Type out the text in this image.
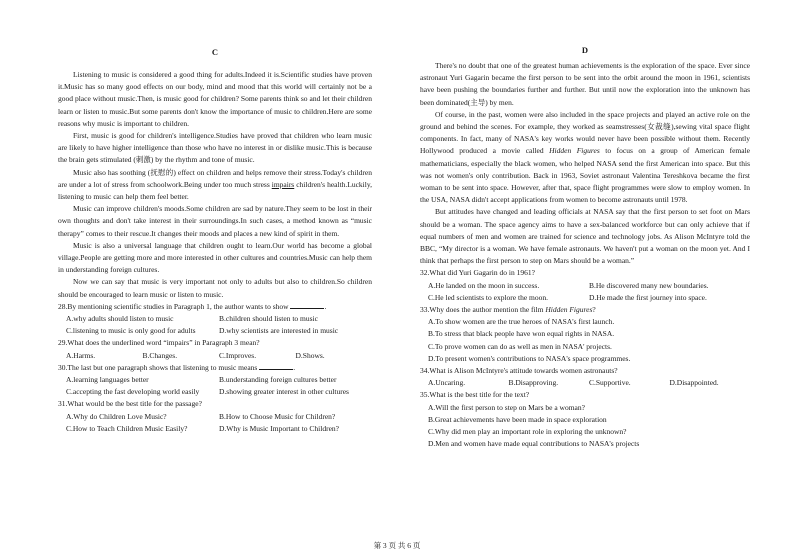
C

Listening to music is considered a good thing for adults.Indeed it is.Scientific studies have proven it.Music has so many good effects on our body, mind and mood that this world will certainly not be a good place without music.Then, is music good for children? Some parents think so and let their children learn or listen to music.But some parents don't know the importance of music to children.Here are some reasons why music is important to children.

First, music is good for children's intelligence.Studies have proved that children who learn music are likely to have higher intelligence than those who have no interest in or dislike music.This is because the brain gets stimulated (刺激) by the rhythm and tone of music.

Music also has soothing (抚慰的) effect on children and helps remove their stress.Today's children are under a lot of stress from schoolwork.Being under too much stress impairs children's health.Luckily, listening to music can help them feel better.

Music can improve children's moods.Some children are sad by nature.They seem to be lost in their own thoughts and don't take interest in their surroundings.In such cases, a method known as “music therapy” comes to their rescue.It changes their moods and places a new kind of spirit in them.

Music is also a universal language that children ought to learn.Our world has become a global village.People are getting more and more interested in other cultures and countries.Music can help them in understanding foreign cultures.

Now we can say that music is very important not only to adults but also to children.So children should be encouraged to learn music or listen to music.

28.By mentioning scientific studies in Paragraph 1, the author wants to show	.

A.why adults should listen to music	B.children should listen to music
C.listening to music is only good for adults	D.why scientists are interested in music

29.What does the underlined word “impairs” in Paragraph 3 mean?

A.Harms.	B.Changes.	C.Improves.	D.Shows.

30.The last but one paragraph shows that listening to music means	.

A.learning languages better	B.understanding foreign cultures better
C.accepting the fast developing world easily	D.showing greater interest in other cultures

31.What would be the best title for the passage?

A.Why do Children Love Music?	B.How to Choose Music for Children?
C.How to Teach Children Music Easily?	D.Why is Music Important to Children?
D

There's no doubt that one of the greatest human achievements is the exploration of the space. Ever since astronaut Yuri Gagarin became the first person to be sent into the orbit around the moon in 1961, scientists have been pushing the boundaries further and further. But until now the exploration into the unknown has been dominated(主导) by men.

Of course, in the past, women were also included in the space projects and played an active role on the ground and behind the scenes. For example, they worked as seamstresses(女裁缝),sewing vital space flight components. In fact, many of NASA's key works would never have been possible without them. Recently Hollywood produced a movie called Hidden Figures to focus on a group of American female mathematicians, especially the black women, who helped NASA send the first American into space. But this was not women's only contribution. Back in 1963, Soviet astronaut Valentina Tereshkova became the first woman to be sent into space. However, after that, space flight programmes were slow to employ women. In the USA, NASA didn't accept applications from women to become astronauts until 1978.

But attitudes have changed and leading officials at NASA say that the first person to set foot on Mars should be a woman. The space agency aims to have a sex-balanced workforce but can only achieve that if equal numbers of men and women are trained for science and technology jobs. As Alison McIntyre told the BBC, “My director is a woman. We have female astronauts. We haven't put a woman on the moon yet. And I think that perhaps the first person to step on Mars should be a woman.”

32.What did Yuri Gagarin do in 1961?

A.He landed on the moon in success.	B.He discovered many new boundaries.
C.He led scientists to explore the moon.	D.He made the first journey into space.

33.Why does the author mention the film Hidden Figures?

A.To show women are the true heroes of NASA's first launch.

B.To stress that black people have won equal rights in NASA.

C.To prove women can do as well as men in NASA' projects.

D.To present women's contributions to NASA's space programmes.

34.What is Alison McIntyre's attitude towards women astronauts?

A.Uncaring.	B.Disapproving.	C.Supportive.	D.Disappointed.

35.What is the best title for the text?

A.Will the first person to step on Mars be a woman?

B.Great achievements have been made in space exploration

C.Why did men play an important role in exploring the unknown?

D.Men and women have made equal contributions to NASA's projects

第 3 页 共 6 页
